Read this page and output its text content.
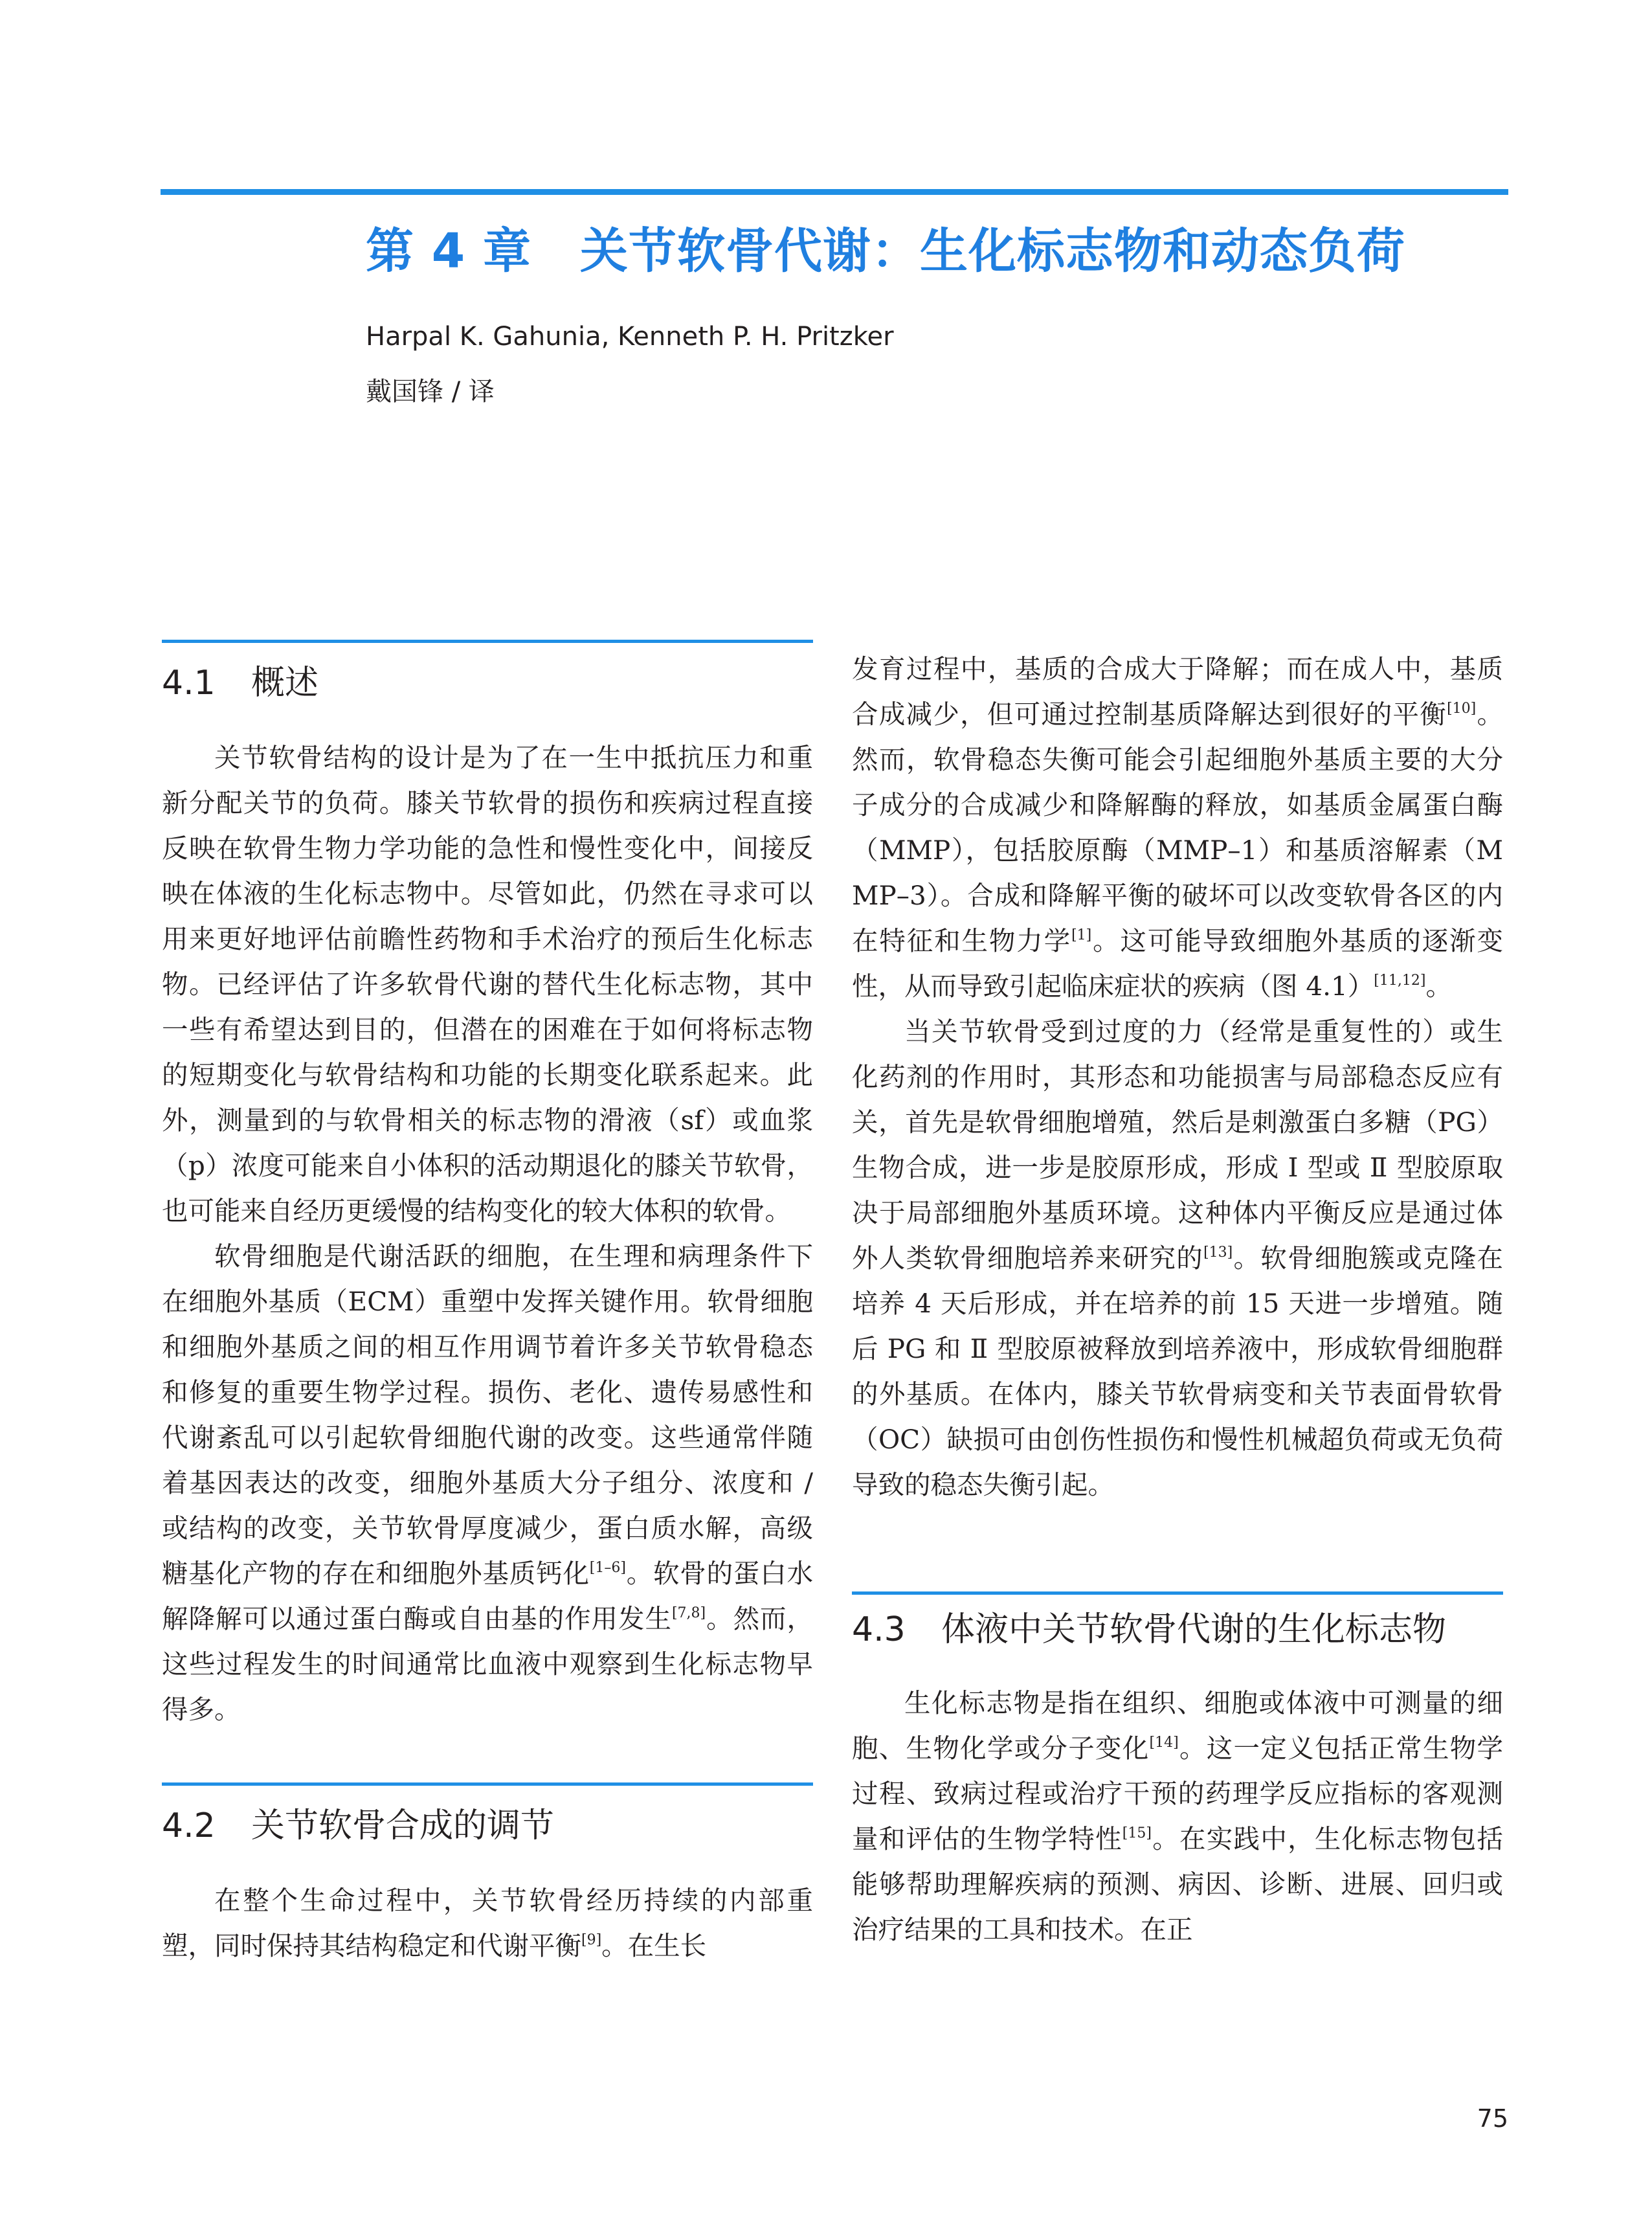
第 4 章　关节软骨代谢：生化标志物和动态负荷
Harpal K. Gahunia, Kenneth P. H. Pritzker
戴国锋 / 译
4.1 概述

关节软骨结构的设计是为了在一生中抵抗压力和重新分配关节的负荷。膝关节软骨的损伤和疾病过程直接反映在软骨生物力学功能的急性和慢性变化中，间接反映在体液的生化标志物中。尽管如此，仍然在寻求可以用来更好地评估前瞻性药物和手术治疗的预后生化标志物。已经评估了许多软骨代谢的替代生化标志物，其中一些有希望达到目的，但潜在的困难在于如何将标志物的短期变化与软骨结构和功能的长期变化联系起来。此外，测量到的与软骨相关的标志物的滑液（sf）或血浆（p）浓度可能来自小体积的活动期退化的膝关节软骨，也可能来自经历更缓慢的结构变化的较大体积的软骨。

软骨细胞是代谢活跃的细胞，在生理和病理条件下在细胞外基质（ECM）重塑中发挥关键作用。软骨细胞和细胞外基质之间的相互作用调节着许多关节软骨稳态和修复的重要生物学过程。损伤、老化、遗传易感性和代谢紊乱可以引起软骨细胞代谢的改变。这些通常伴随着基因表达的改变，细胞外基质大分子组分、浓度和 / 或结构的改变，关节软骨厚度减少，蛋白质水解，高级糖基化产物的存在和细胞外基质钙化[1–6]。软骨的蛋白水解降解可以通过蛋白酶或自由基的作用发生[7,8]。然而，这些过程发生的时间通常比血液中观察到生化标志物早得多。

4.2 关节软骨合成的调节

在整个生命过程中，关节软骨经历持续的内部重塑，同时保持其结构稳定和代谢平衡[9]。在生长

发育过程中，基质的合成大于降解；而在成人中，基质合成减少，但可通过控制基质降解达到很好的平衡[10]。然而，软骨稳态失衡可能会引起细胞外基质主要的大分子成分的合成减少和降解酶的释放，如基质金属蛋白酶（MMP），包括胶原酶（MMP–1）和基质溶解素（MMP–3）。合成和降解平衡的破坏可以改变软骨各区的内在特征和生物力学[1]。这可能导致细胞外基质的逐渐变性，从而导致引起临床症状的疾病（图 4.1）[11,12]。

当关节软骨受到过度的力（经常是重复性的）或生化药剂的作用时，其形态和功能损害与局部稳态反应有关，首先是软骨细胞增殖，然后是刺激蛋白多糖（PG）生物合成，进一步是胶原形成，形成 Ⅰ 型或 Ⅱ 型胶原取决于局部细胞外基质环境。这种体内平衡反应是通过体外人类软骨细胞培养来研究的[13]。软骨细胞簇或克隆在培养 4 天后形成，并在培养的前 15 天进一步增殖。随后 PG 和 Ⅱ 型胶原被释放到培养液中，形成软骨细胞群的外基质。在体内，膝关节软骨病变和关节表面骨软骨（OC）缺损可由创伤性损伤和慢性机械超负荷或无负荷导致的稳态失衡引起。

4.3 体液中关节软骨代谢的生化标志物

生化标志物是指在组织、细胞或体液中可测量的细胞、生物化学或分子变化[14]。这一定义包括正常生物学过程、致病过程或治疗干预的药理学反应指标的客观测量和评估的生物学特性[15]。在实践中，生化标志物包括能够帮助理解疾病的预测、病因、诊断、进展、回归或治疗结果的工具和技术。在正

75
